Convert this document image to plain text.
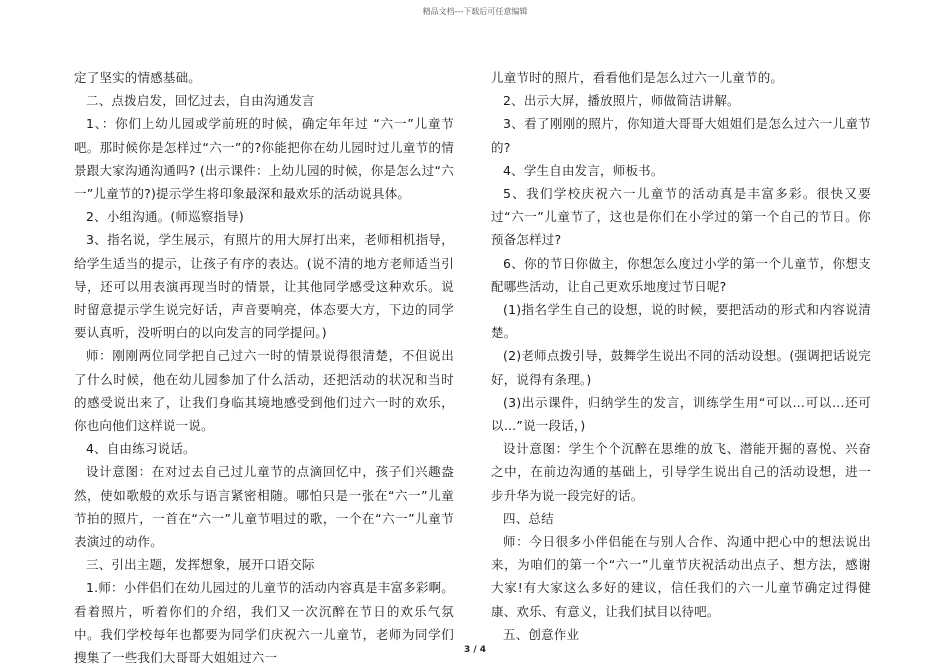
精品文档---下载后可任意编辑

定了坚实的情感基础。

二、点拨启发，回忆过去，自由沟通发言

1、：你们上幼儿园或学前班的时候，确定年年过 “六一”儿童节吧。那时候你是怎样过“六一”的?你能把你在幼儿园时过儿童节的情景跟大家沟通沟通吗? (出示课件：上幼儿园的时候，你是怎么过“六一”儿童节的?)提示学生将印象最深和最欢乐的活动说具体。

2、小组沟通。(师巡察指导)

3、指名说，学生展示，有照片的用大屏打出来，老师相机指导，给学生适当的提示，让孩子有序的表达。(说不清的地方老师适当引导，还可以用表演再现当时的情景，让其他同学感受这种欢乐。说时留意提示学生说完好话，声音要响亮，体态要大方，下边的同学要认真听，没听明白的以向发言的同学提问。)

师：刚刚两位同学把自己过六一时的情景说得很清楚，不但说出了什么时候，他在幼儿园参加了什么活动，还把活动的状况和当时的感受说出来了，让我们身临其境地感受到他们过六一时的欢乐，你也向他们这样说一说。

4、自由练习说话。

设计意图：在对过去自己过儿童节的点滴回忆中，孩子们兴趣盎然，使如歌般的欢乐与语言紧密相随。哪怕只是一张在“六一”儿童节拍的照片，一首在“六一”儿童节唱过的歌，一个在“六一”儿童节表演过的动作。

三、引出主题，发挥想象，展开口语交际

1.师：小伴侣们在幼儿园过的儿童节的活动内容真是丰富多彩啊。看着照片，听着你们的介绍，我们又一次沉醉在节日的欢乐气氛中。我们学校每年也都要为同学们庆祝六一儿童节，老师为同学们搜集了一些我们大哥哥大姐姐过六一

儿童节时的照片，看看他们是怎么过六一儿童节的。

2、出示大屏，播放照片，师做简洁讲解。

3、看了刚刚的照片，你知道大哥哥大姐姐们是怎么过六一儿童节的?

4、学生自由发言，师板书。

5、我们学校庆祝六一儿童节的活动真是丰富多彩。很快又要过“六一”儿童节了，这也是你们在小学过的第一个自己的节日。你预备怎样过?

6、你的节日你做主，你想怎么度过小学的第一个儿童节，你想支配哪些活动，让自己更欢乐地度过节日呢?

(1)指名学生自己的设想，说的时候，要把活动的形式和内容说清楚。

(2)老师点拨引导，鼓舞学生说出不同的活动设想。(强调把话说完好，说得有条理。)

(3)出示课件，归纳学生的发言，训练学生用“可以…可以…还可以…”说一段话，)

设计意图：学生个个沉醉在思维的放飞、潜能开掘的喜悦、兴奋之中，在前边沟通的基础上，引导学生说出自己的活动设想，进一步升华为说一段完好的话。

四、总结

师：今日很多小伴侣能在与别人合作、沟通中把心中的想法说出来，为咱们的第一个“六一”儿童节庆祝活动出点子、想方法，感谢大家!有大家这么多好的建议，信任我们的六一儿童节确定过得健康、欢乐、有意义，让我们拭目以待吧。

五、创意作业

3 / 4
